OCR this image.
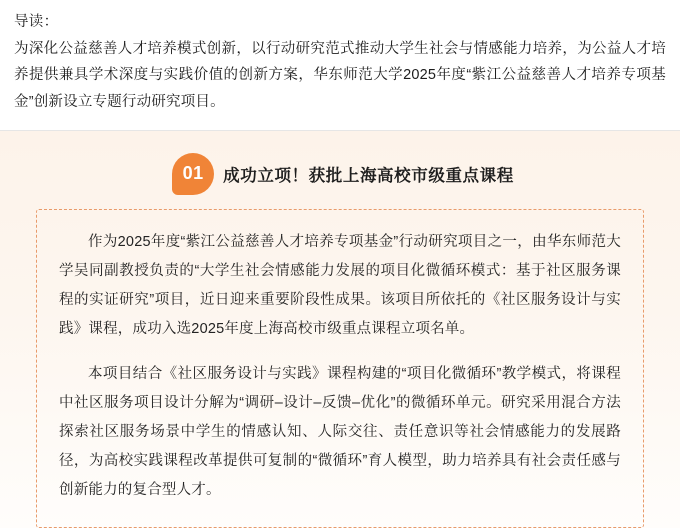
导读：
为深化公益慈善人才培养模式创新，以行动研究范式推动大学生社会与情感能力培养，为公益人才培养提供兼具学术深度与实践价值的创新方案，华东师范大学2025年度“紫江公益慈善人才培养专项基金”创新设立专题行动研究项目。
01	成功立项！获批上海高校市级重点课程

作为2025年度“紫江公益慈善人才培养专项基金”行动研究项目之一，由华东师范大学吴同副教授负责的“大学生社会情感能力发展的项目化微循环模式：基于社区服务课程的实证研究”项目，近日迎来重要阶段性成果。该项目所依托的《社区服务设计与实践》课程，成功入选2025年度上海高校市级重点课程立项名单。

本项目结合《社区服务设计与实践》课程构建的“项目化微循环”教学模式，将课程中社区服务项目设计分解为“调研–设计–反馈–优化”的微循环单元。研究采用混合方法探索社区服务场景中学生的情感认知、人际交往、责任意识等社会情感能力的发展路径，为高校实践课程改革提供可复制的“微循环”育人模型，助力培养具有社会责任感与创新能力的复合型人才。
